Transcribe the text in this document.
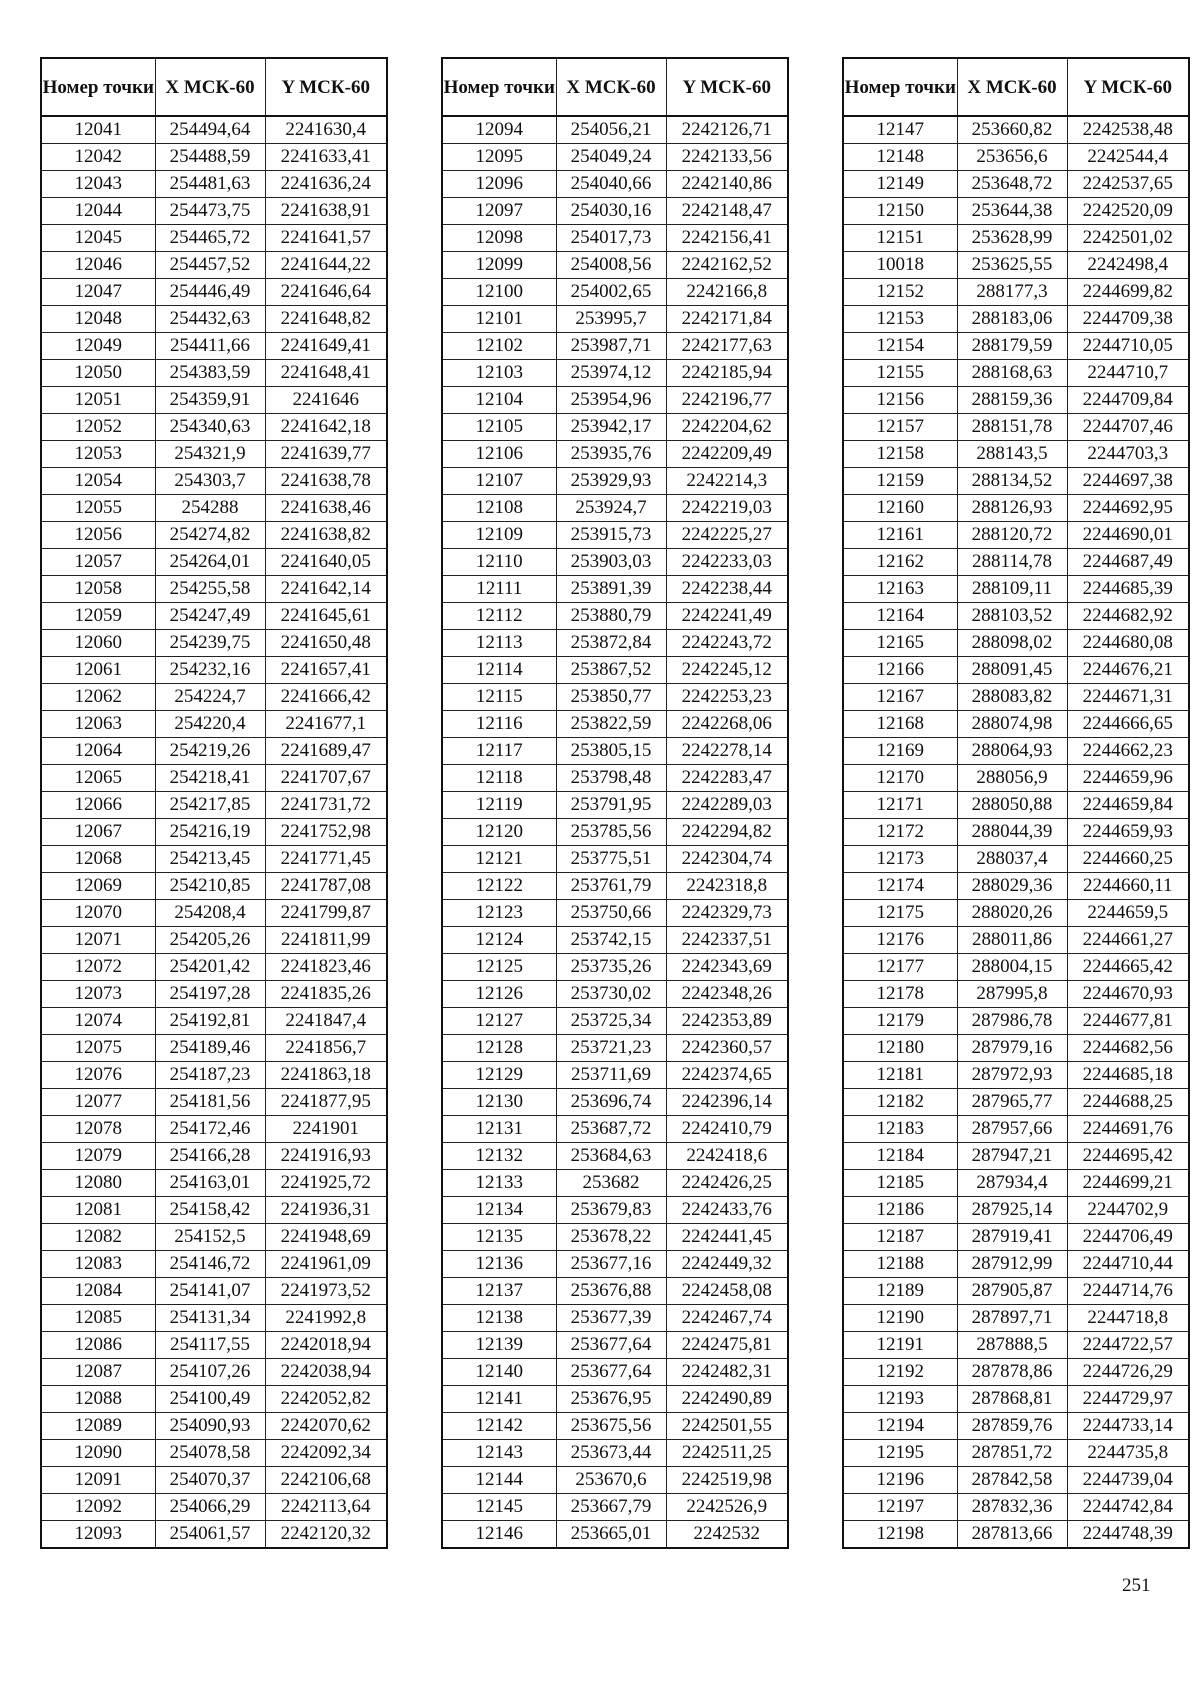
Номер точки	X МСК-60	Y МСК-60
12041	254494,64	2241630,4
12042	254488,59	2241633,41
12043	254481,63	2241636,24
12044	254473,75	2241638,91
12045	254465,72	2241641,57
12046	254457,52	2241644,22
12047	254446,49	2241646,64
12048	254432,63	2241648,82
12049	254411,66	2241649,41
12050	254383,59	2241648,41
12051	254359,91	2241646
12052	254340,63	2241642,18
12053	254321,9	2241639,77
12054	254303,7	2241638,78
12055	254288	2241638,46
12056	254274,82	2241638,82
12057	254264,01	2241640,05
12058	254255,58	2241642,14
12059	254247,49	2241645,61
12060	254239,75	2241650,48
12061	254232,16	2241657,41
12062	254224,7	2241666,42
12063	254220,4	2241677,1
12064	254219,26	2241689,47
12065	254218,41	2241707,67
12066	254217,85	2241731,72
12067	254216,19	2241752,98
12068	254213,45	2241771,45
12069	254210,85	2241787,08
12070	254208,4	2241799,87
12071	254205,26	2241811,99
12072	254201,42	2241823,46
12073	254197,28	2241835,26
12074	254192,81	2241847,4
12075	254189,46	2241856,7
12076	254187,23	2241863,18
12077	254181,56	2241877,95
12078	254172,46	2241901
12079	254166,28	2241916,93
12080	254163,01	2241925,72
12081	254158,42	2241936,31
12082	254152,5	2241948,69
12083	254146,72	2241961,09
12084	254141,07	2241973,52
12085	254131,34	2241992,8
12086	254117,55	2242018,94
12087	254107,26	2242038,94
12088	254100,49	2242052,82
12089	254090,93	2242070,62
12090	254078,58	2242092,34
12091	254070,37	2242106,68
12092	254066,29	2242113,64
12093	254061,57	2242120,32
Номер точки	X МСК-60	Y МСК-60
12094	254056,21	2242126,71
12095	254049,24	2242133,56
12096	254040,66	2242140,86
12097	254030,16	2242148,47
12098	254017,73	2242156,41
12099	254008,56	2242162,52
12100	254002,65	2242166,8
12101	253995,7	2242171,84
12102	253987,71	2242177,63
12103	253974,12	2242185,94
12104	253954,96	2242196,77
12105	253942,17	2242204,62
12106	253935,76	2242209,49
12107	253929,93	2242214,3
12108	253924,7	2242219,03
12109	253915,73	2242225,27
12110	253903,03	2242233,03
12111	253891,39	2242238,44
12112	253880,79	2242241,49
12113	253872,84	2242243,72
12114	253867,52	2242245,12
12115	253850,77	2242253,23
12116	253822,59	2242268,06
12117	253805,15	2242278,14
12118	253798,48	2242283,47
12119	253791,95	2242289,03
12120	253785,56	2242294,82
12121	253775,51	2242304,74
12122	253761,79	2242318,8
12123	253750,66	2242329,73
12124	253742,15	2242337,51
12125	253735,26	2242343,69
12126	253730,02	2242348,26
12127	253725,34	2242353,89
12128	253721,23	2242360,57
12129	253711,69	2242374,65
12130	253696,74	2242396,14
12131	253687,72	2242410,79
12132	253684,63	2242418,6
12133	253682	2242426,25
12134	253679,83	2242433,76
12135	253678,22	2242441,45
12136	253677,16	2242449,32
12137	253676,88	2242458,08
12138	253677,39	2242467,74
12139	253677,64	2242475,81
12140	253677,64	2242482,31
12141	253676,95	2242490,89
12142	253675,56	2242501,55
12143	253673,44	2242511,25
12144	253670,6	2242519,98
12145	253667,79	2242526,9
12146	253665,01	2242532
Номер точки	X МСК-60	Y МСК-60
12147	253660,82	2242538,48
12148	253656,6	2242544,4
12149	253648,72	2242537,65
12150	253644,38	2242520,09
12151	253628,99	2242501,02
10018	253625,55	2242498,4
12152	288177,3	2244699,82
12153	288183,06	2244709,38
12154	288179,59	2244710,05
12155	288168,63	2244710,7
12156	288159,36	2244709,84
12157	288151,78	2244707,46
12158	288143,5	2244703,3
12159	288134,52	2244697,38
12160	288126,93	2244692,95
12161	288120,72	2244690,01
12162	288114,78	2244687,49
12163	288109,11	2244685,39
12164	288103,52	2244682,92
12165	288098,02	2244680,08
12166	288091,45	2244676,21
12167	288083,82	2244671,31
12168	288074,98	2244666,65
12169	288064,93	2244662,23
12170	288056,9	2244659,96
12171	288050,88	2244659,84
12172	288044,39	2244659,93
12173	288037,4	2244660,25
12174	288029,36	2244660,11
12175	288020,26	2244659,5
12176	288011,86	2244661,27
12177	288004,15	2244665,42
12178	287995,8	2244670,93
12179	287986,78	2244677,81
12180	287979,16	2244682,56
12181	287972,93	2244685,18
12182	287965,77	2244688,25
12183	287957,66	2244691,76
12184	287947,21	2244695,42
12185	287934,4	2244699,21
12186	287925,14	2244702,9
12187	287919,41	2244706,49
12188	287912,99	2244710,44
12189	287905,87	2244714,76
12190	287897,71	2244718,8
12191	287888,5	2244722,57
12192	287878,86	2244726,29
12193	287868,81	2244729,97
12194	287859,76	2244733,14
12195	287851,72	2244735,8
12196	287842,58	2244739,04
12197	287832,36	2244742,84
12198	287813,66	2244748,39
251
